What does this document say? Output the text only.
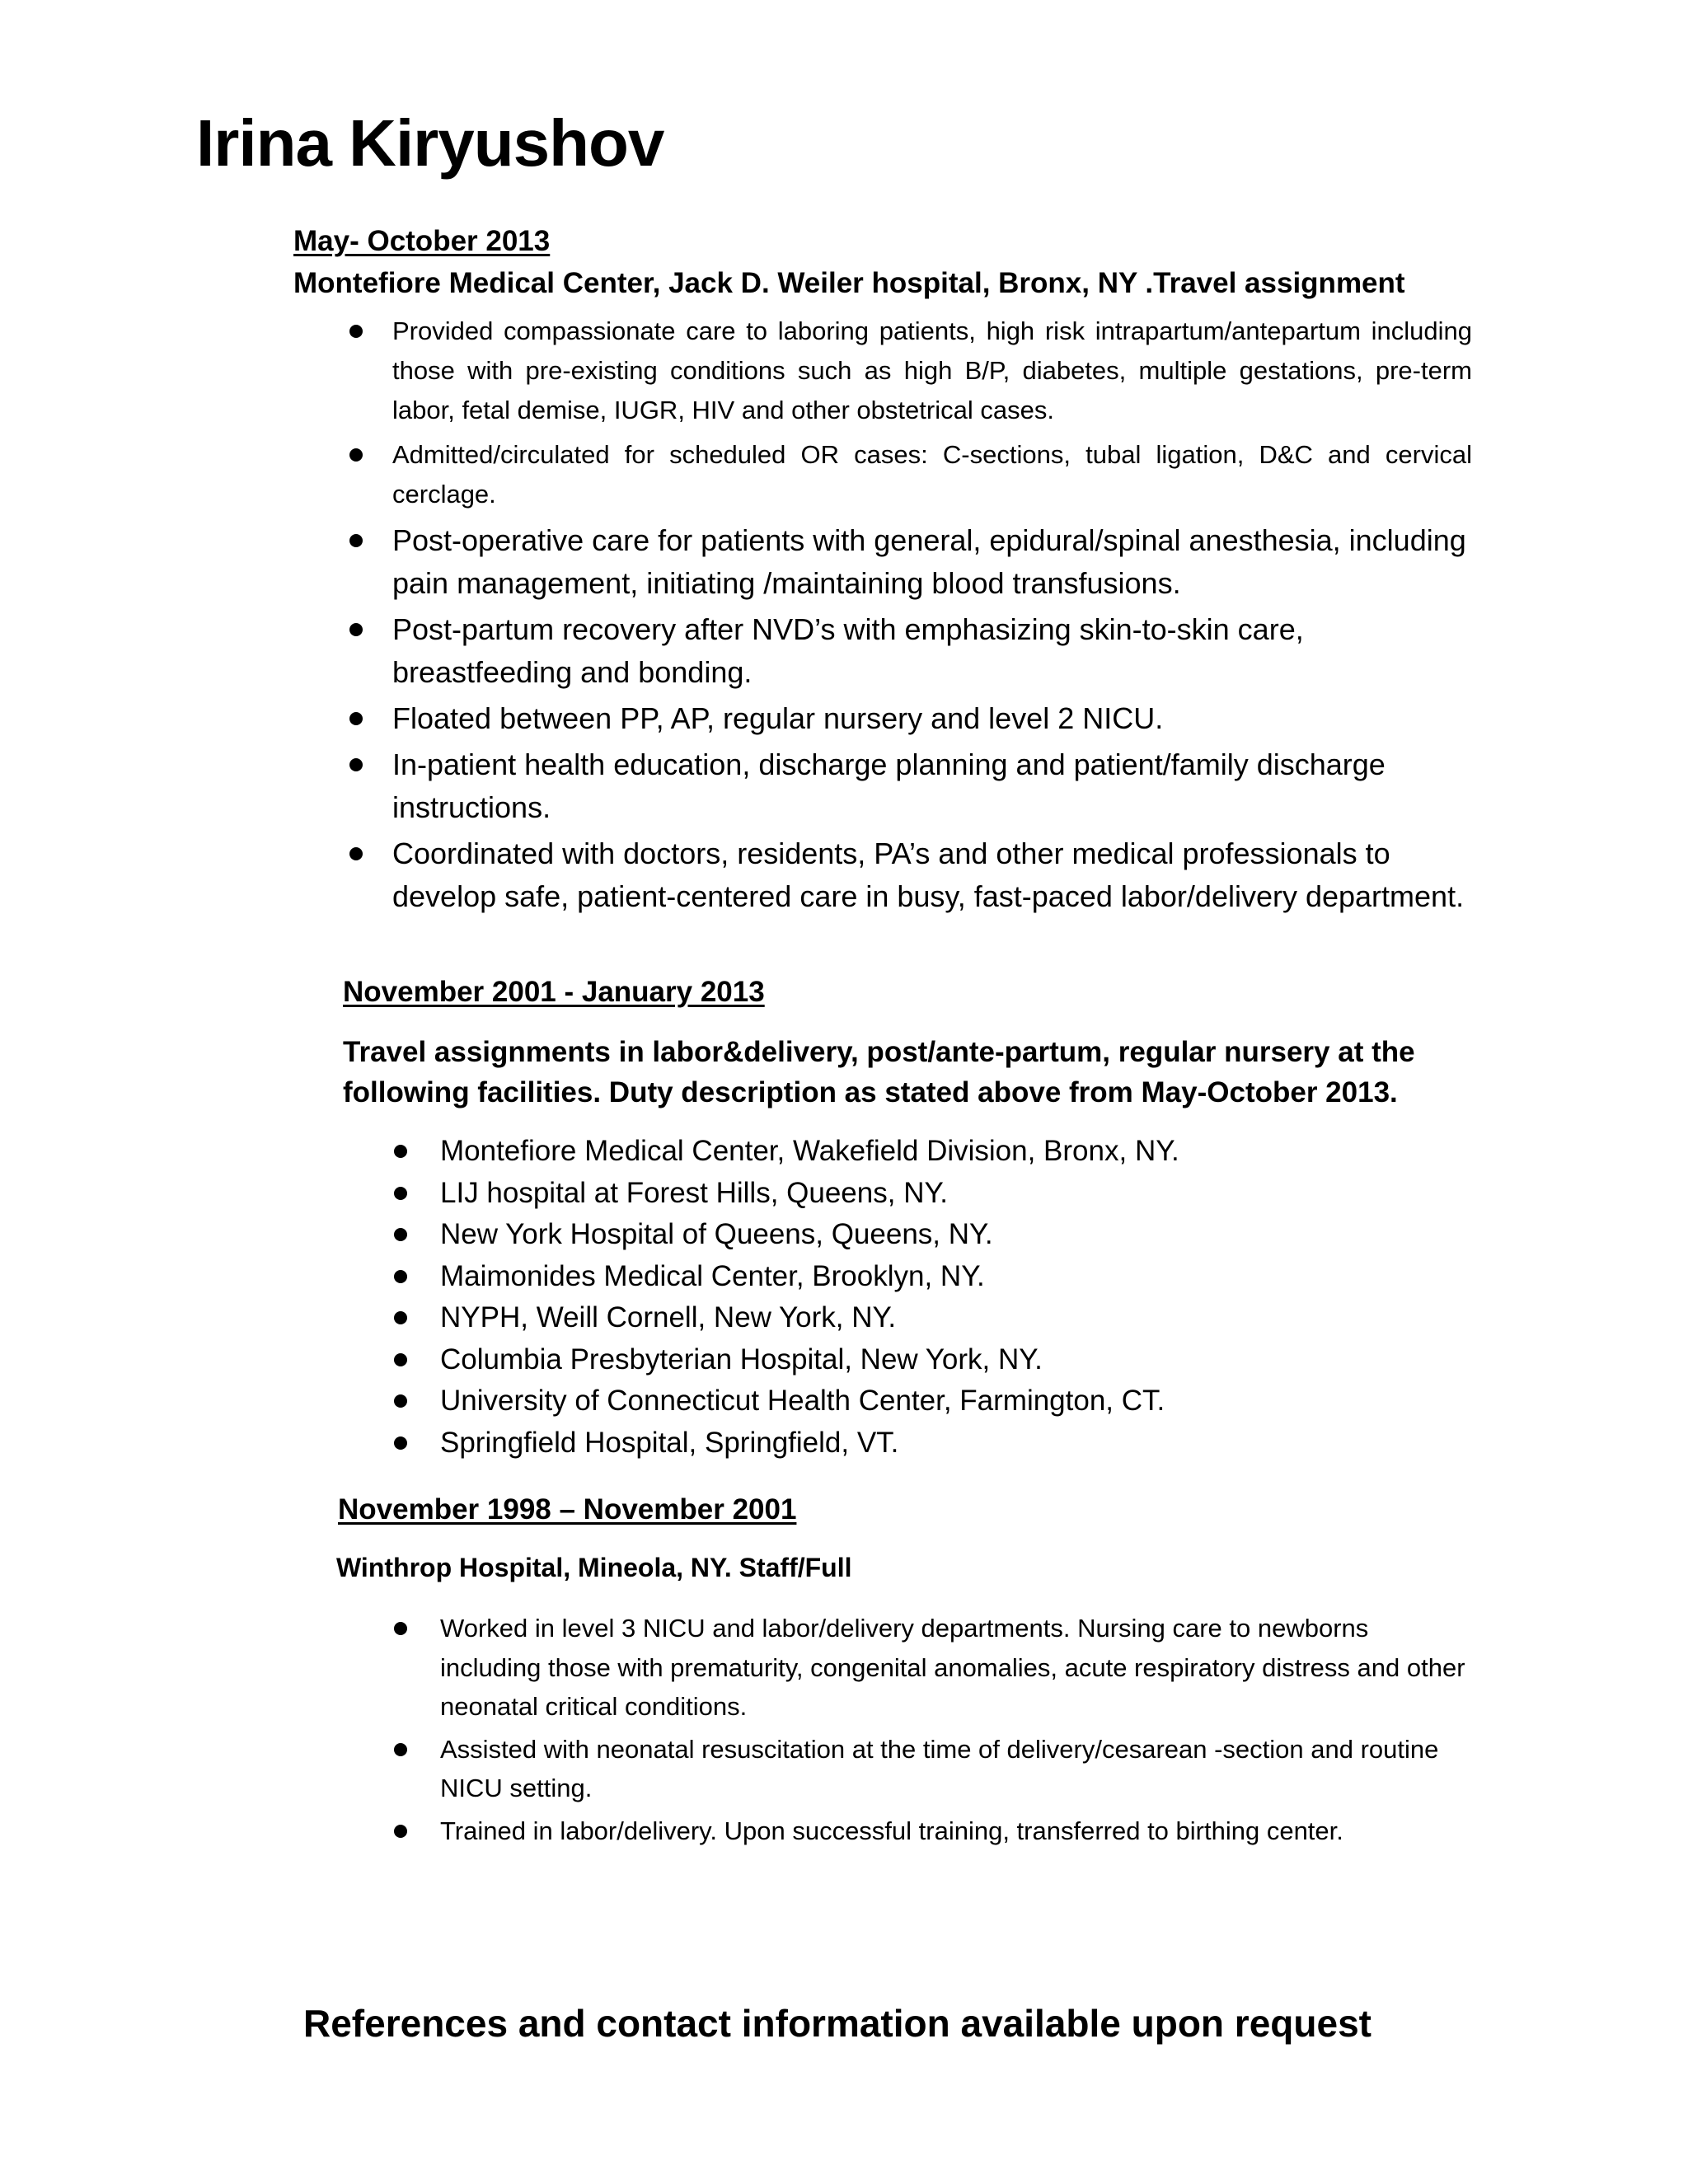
Irina Kiryushov
May- October 2013
Montefiore Medical Center, Jack D. Weiler hospital, Bronx, NY .Travel assignment
Provided compassionate care to laboring patients, high risk intrapartum/antepartum including those with pre-existing conditions such as high B/P, diabetes, multiple gestations, pre-term labor, fetal demise, IUGR, HIV and other obstetrical cases.
Admitted/circulated for scheduled OR cases: C-sections, tubal ligation, D&C and cervical cerclage.
Post-operative care for patients with general, epidural/spinal anesthesia, including pain management, initiating /maintaining blood transfusions.
Post-partum recovery after NVD’s with emphasizing skin-to-skin care, breastfeeding and bonding.
Floated between PP, AP, regular nursery and level 2 NICU.
In-patient health education, discharge planning and patient/family discharge instructions.
Coordinated with doctors, residents, PA’s and other medical professionals to develop safe, patient-centered care in busy, fast-paced labor/delivery department.
November 2001 - January 2013
Travel assignments in labor&delivery, post/ante-partum, regular nursery at the following facilities. Duty description as stated above from May-October 2013.
Montefiore Medical Center, Wakefield Division, Bronx, NY.
LIJ hospital at Forest Hills, Queens, NY.
New York Hospital of Queens, Queens, NY.
Maimonides Medical Center, Brooklyn, NY.
NYPH, Weill Cornell, New York, NY.
Columbia Presbyterian Hospital, New York, NY.
University of Connecticut Health Center, Farmington, CT.
Springfield Hospital, Springfield, VT.
November 1998 – November 2001
Winthrop Hospital, Mineola, NY. Staff/Full
Worked in level 3 NICU and labor/delivery departments. Nursing care to newborns including those with prematurity, congenital anomalies, acute respiratory distress and other neonatal critical conditions.
Assisted with neonatal resuscitation at the time of delivery/cesarean -section and routine NICU setting.
Trained in labor/delivery. Upon successful training, transferred to birthing center.

References and contact information available upon request
